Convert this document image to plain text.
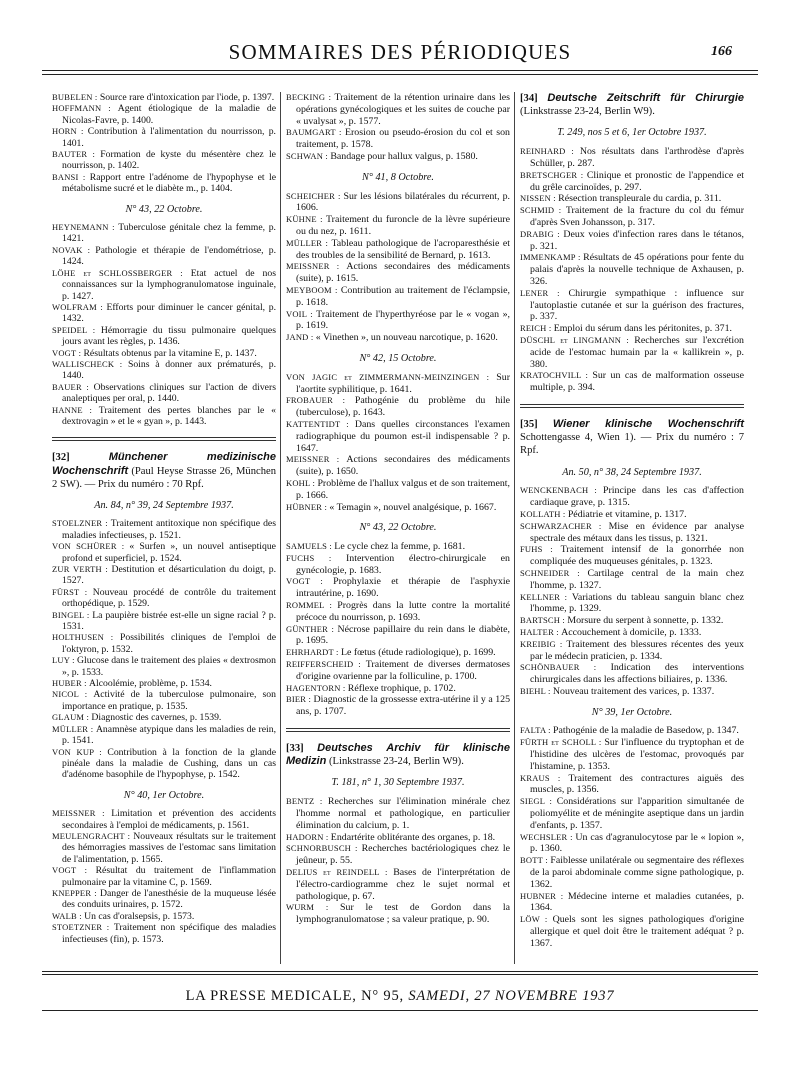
SOMMAIRES DES PÉRIODIQUES	166
BUBELEN : Source rare d'intoxication par l'iode, p. 1397.
HOFFMANN : Agent étiologique de la maladie de Nicolas-Favre, p. 1400.
HORN : Contribution à l'alimentation du nourrisson, p. 1401.
BAUTER : Formation de kyste du mésentère chez le nourrisson, p. 1402.
BANSI : Rapport entre l'adénome de l'hypophyse et le métabolisme sucré et le diabète m., p. 1404.
N° 43, 22 Octobre.
HEYNEMANN : Tuberculose génitale chez la femme, p. 1421.
NOVAK : Pathologie et thérapie de l'endométriose, p. 1424.
LÖHE et SCHLOSSBERGER : Etat actuel de nos connaissances sur la lymphogranulomatose inguinale, p. 1427.
WOLFRAM : Efforts pour diminuer le cancer génital, p. 1432.
SPEIDEL : Hémorragie du tissu pulmonaire quelques jours avant les règles, p. 1436.
VOGT : Résultats obtenus par la vitamine E, p. 1437.
WALLISCHECK : Soins à donner aux prématurés, p. 1440.
BAUER : Observations cliniques sur l'action de divers analeptiques per oral, p. 1440.
HANNE : Traitement des pertes blanches par le « dextrovagin » et le « gyan », p. 1443.
[32]	Münchener medizinische Wochenschrift (Paul Heyse Strasse 26, München 2 SW). — Prix du numéro : 70 Rpf.
An. 84, n° 39, 24 Septembre 1937.
STOELZNER : Traitement antitoxique non spécifique des maladies infectieuses, p. 1521.
VON SCHÜRER : « Surfen », un nouvel antiseptique profond et superficiel, p. 1524.
ZUR VERTH : Destitution et désarticulation du doigt, p. 1527.
FÜRST : Nouveau procédé de contrôle du traitement orthopédique, p. 1529.
BINGEL : La paupière bistrée est-elle un signe racial ? p. 1531.
HOLTHUSEN : Possibilités cliniques de l'emploi de l'oktyron, p. 1532.
LUY : Glucose dans le traitement des plaies « dextrosmon », p. 1533.
HUBER : Alcoolémie, problème, p. 1534.
NICOL : Activité de la tuberculose pulmonaire, son importance en pratique, p. 1535.
GLAUM : Diagnostic des cavernes, p. 1539.
MÜLLER : Anamnèse atypique dans les maladies de rein, p. 1541.
VON KUP : Contribution à la fonction de la glande pinéale dans la maladie de Cushing, dans un cas d'adénome basophile de l'hypophyse, p. 1542.
N° 40, 1er Octobre.
MEISSNER : Limitation et prévention des accidents secondaires à l'emploi de médicaments, p. 1561.
MEULENGRACHT : Nouveaux résultats sur le traitement des hémorragies massives de l'estomac sans limitation de l'alimentation, p. 1565.
VOGT : Résultat du traitement de l'inflammation pulmonaire par la vitamine C, p. 1569.
KNEPPER : Danger de l'anesthésie de la muqueuse lésée des conduits urinaires, p. 1572.
WALB : Un cas d'oralsepsis, p. 1573.
STOETZNER : Traitement non spécifique des maladies infectieuses (fin), p. 1573.
BECKING : Traitement de la rétention urinaire dans les opérations gynécologiques et les suites de couche par « uvalysat », p. 1577.
BAUMGART : Erosion ou pseudo-érosion du col et son traitement, p. 1578.
SCHWAN : Bandage pour hallux valgus, p. 1580.
N° 41, 8 Octobre.
SCHEICHER : Sur les lésions bilatérales du récurrent, p. 1606.
KÜHNE : Traitement du furoncle de la lèvre supérieure ou du nez, p. 1611.
MÜLLER : Tableau pathologique de l'acroparesthésie et des troubles de la sensibilité de Bernard, p. 1613.
MEISSNER : Actions secondaires des médicaments (suite), p. 1615.
MEYBOOM : Contribution au traitement de l'éclampsie, p. 1618.
VOIL : Traitement de l'hyperthyréose par le « vogan », p. 1619.
JAND : « Vinethen », un nouveau narcotique, p. 1620.
N° 42, 15 Octobre.
VON JAGIC et ZIMMERMANN-MEINZINGEN : Sur l'aortite syphilitique, p. 1641.
FROBAUER : Pathogénie du problème du hile (tuberculose), p. 1643.
KATTENTIDT : Dans quelles circonstances l'examen radiographique du poumon est-il indispensable ? p. 1647.
MEISSNER : Actions secondaires des médicaments (suite), p. 1650.
KOHL : Problème de l'hallux valgus et de son traitement, p. 1666.
HÜBNER : « Temagin », nouvel analgésique, p. 1667.
N° 43, 22 Octobre.
SAMUELS : Le cycle chez la femme, p. 1681.
FUCHS : Intervention électro-chirurgicale en gynécologie, p. 1683.
VOGT : Prophylaxie et thérapie de l'asphyxie intrautérine, p. 1690.
ROMMEL : Progrès dans la lutte contre la mortalité précoce du nourrisson, p. 1693.
GÜNTHER : Nécrose papillaire du rein dans le diabète, p. 1695.
EHRHARDT : Le fœtus (étude radiologique), p. 1699.
REIFFERSCHEID : Traitement de diverses dermatoses d'origine ovarienne par la folliculine, p. 1700.
HAGENTORN : Réflexe trophique, p. 1702.
BIER : Diagnostic de la grossesse extra-utérine il y a 125 ans, p. 1707.
[33] Deutsches Archiv für klinische Medizin (Linkstrasse 23-24, Berlin W9).
T. 181, n° 1, 30 Septembre 1937.
BENTZ : Recherches sur l'élimination minérale chez l'homme normal et pathologique, en particulier élimination du calcium, p. 1.
HADORN : Endartérite oblitérante des organes, p. 18.
SCHNORBUSCH : Recherches bactériologiques chez le jeûneur, p. 55.
DELIUS et REINDELL : Bases de l'interprétation de l'électro-cardiogramme chez le sujet normal et pathologique, p. 67.
WURM : Sur le test de Gordon dans la lymphogranulomatose ; sa valeur pratique, p. 90.
[34] Deutsche Zeitschrift für Chirurgie (Linkstrasse 23-24, Berlin W9).
T. 249, nos 5 et 6, 1er Octobre 1937.
REINHARD : Nos résultats dans l'arthrodèse d'après Schüller, p. 287.
BRETSCHGER : Clinique et pronostic de l'appendice et du grêle carcinoïdes, p. 297.
NISSEN : Résection transpleurale du cardia, p. 311.
SCHMID : Traitement de la fracture du col du fémur d'après Sven Johansson, p. 317.
DRABIG : Deux voies d'infection rares dans le tétanos, p. 321.
IMMENKAMP : Résultats de 45 opérations pour fente du palais d'après la nouvelle technique de Axhausen, p. 326.
LENER : Chirurgie sympathique : influence sur l'autoplastie cutanée et sur la guérison des fractures, p. 337.
REICH : Emploi du sérum dans les péritonites, p. 371.
DÜSCHL et LINGMANN : Recherches sur l'excrétion acide de l'estomac humain par la « kallikrein », p. 380.
KRATOCHVILL : Sur un cas de malformation osseuse multiple, p. 394.
[35] Wiener klinische Wochenschrift Schottengasse 4, Wien 1). — Prix du numéro : 7 Rpf.
An. 50, n° 38, 24 Septembre 1937.
WENCKENBACH : Principe dans les cas d'affection cardiaque grave, p. 1315.
KOLLATH : Pédiatrie et vitamine, p. 1317.
SCHWARZACHER : Mise en évidence par analyse spectrale des métaux dans les tissus, p. 1321.
FUHS : Traitement intensif de la gonorrhée non compliquée des muqueuses génitales, p. 1323.
SCHNEIDER : Cartilage central de la main chez l'homme, p. 1327.
KELLNER : Variations du tableau sanguin blanc chez l'homme, p. 1329.
BARTSCH : Morsure du serpent à sonnette, p. 1332.
HALTER : Accouchement à domicile, p. 1333.
KREIBIG : Traitement des blessures récentes des yeux par le médecin praticien, p. 1334.
SCHÖNBAUER : Indication des interventions chirurgicales dans les affections biliaires, p. 1336.
BIEHL : Nouveau traitement des varices, p. 1337.
N° 39, 1er Octobre.
FALTA : Pathogénie de la maladie de Basedow, p. 1347.
FÜRTH et SCHOLL : Sur l'influence du tryptophan et de l'histidine des ulcères de l'estomac, provoqués par l'histamine, p. 1353.
KRAUS : Traitement des contractures aiguës des muscles, p. 1356.
SIEGL : Considérations sur l'apparition simultanée de poliomyélite et de méningite aseptique dans un jardin d'enfants, p. 1357.
WECHSLER : Un cas d'agranulocytose par le « lopion », p. 1360.
BOTT : Faiblesse unilatérale ou segmentaire des réflexes de la paroi abdominale comme signe pathologique, p. 1362.
HUBNER : Médecine interne et maladies cutanées, p. 1364.
LÖW : Quels sont les signes pathologiques d'origine allergique et quel doit être le traitement adéquat ? p. 1367.
LA PRESSE MEDICALE, N° 95, SAMEDI, 27 NOVEMBRE 1937
